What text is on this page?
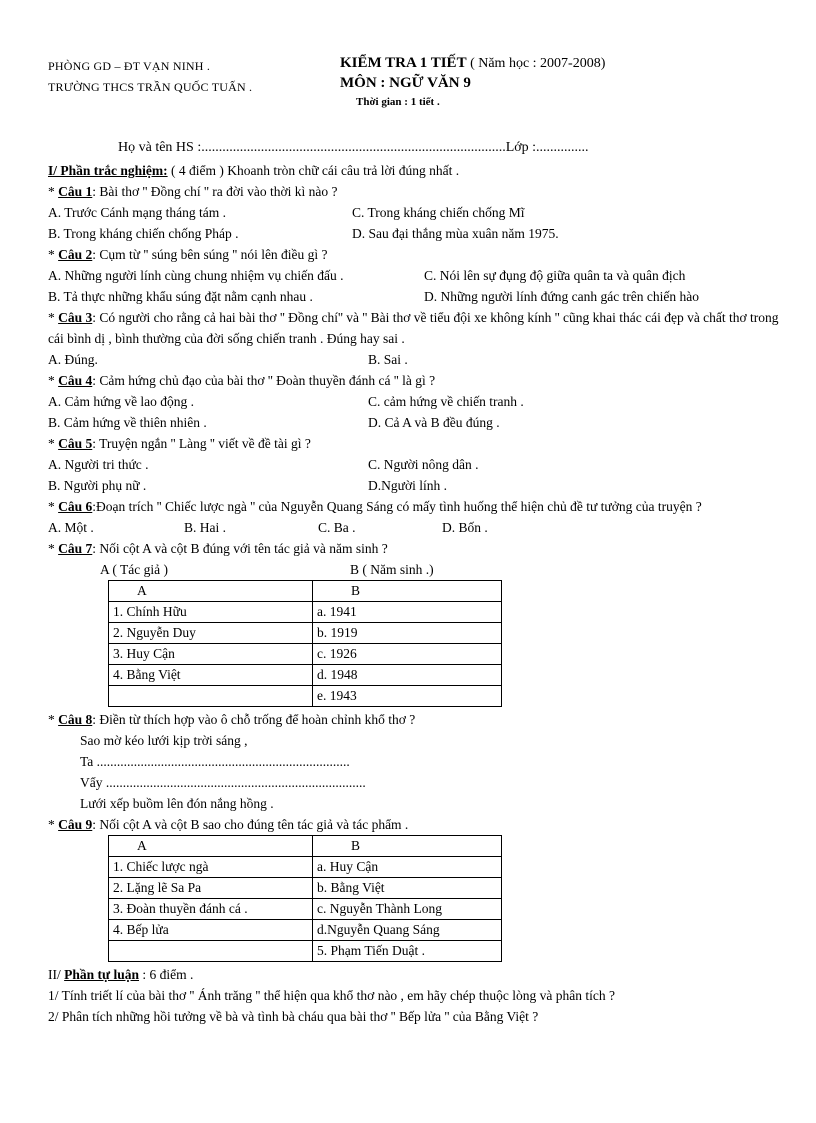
PHÒNG GD – ĐT VẠN NINH .
TRƯỜNG THCS TRẦN QUỐC TUẤN .
KIỂM TRA 1 TIẾT ( Năm học : 2007-2008)
MÔN : NGỮ VĂN 9
Thời gian : 1 tiết .
Họ và tên HS :.......................................................................................Lớp :...............
I/ Phần trắc nghiệm: ( 4 điểm ) Khoanh tròn chữ cái câu trả lời đúng nhất .
* Câu 1: Bài thơ '' Đồng chí '' ra đời vào thời kì nào ?
A. Trước Cánh mạng tháng tám .	C. Trong kháng chiến chống Mĩ
B. Trong kháng chiến chống Pháp .	D. Sau đại thắng mùa xuân năm 1975.
* Câu 2: Cụm từ '' súng bên súng '' nói lên điều gì ?
A. Những người lính cùng chung nhiệm vụ chiến đấu .	C. Nói lên sự đụng độ giữa quân ta và quân địch
B. Tả thực những khẩu súng đặt nằm cạnh nhau .	D. Những người lính đứng canh gác trên chiến hào
* Câu 3: Có người cho rằng cả hai bài thơ '' Đồng chí'' và '' Bài thơ về tiểu đội xe không kính '' cũng khai thác cái đẹp và chất thơ trong cái bình dị , bình thường của đời sống chiến tranh . Đúng hay sai .
A. Đúng.	B. Sai .
* Câu 4: Cảm hứng chủ đạo của bài thơ '' Đoàn thuyền đánh cá '' là gì ?
A. Cảm hứng về lao động .	C. cảm hứng về chiến tranh .
B. Cảm hứng về thiên nhiên .	D. Cả A và B đều đúng .
* Câu 5: Truyện ngắn '' Làng '' viết về đề tài gì ?
A. Người tri thức .	C. Người nông dân .
B. Người phụ nữ .	D.Người lính .
* Câu 6:Đoạn trích '' Chiếc lược ngà '' của Nguyễn Quang Sáng có mấy tình huống thể hiện chủ đề tư tưởng của truyện ?
A. Một .	B. Hai .	C. Ba .	D. Bốn .
* Câu 7: Nối cột A và cột B đúng với tên tác giả và năm sinh ?
A ( Tác giả )	B ( Năm sinh .)
A	B
1. Chính Hữu	a. 1941
2. Nguyễn Duy	b. 1919
3. Huy Cận	c. 1926
4. Bằng Việt	d. 1948
	e. 1943
* Câu 8: Điền từ thích hợp vào ô chỗ trống để hoàn chỉnh khổ thơ ?
Sao mờ kéo lưới kịp trời sáng ,
Ta ...........................................................................
Vẩy .............................................................................
Lưới xếp buồm lên đón nắng hồng .
* Câu 9: Nối cột A và cột B sao cho đúng tên tác giả và tác phẩm .
A	B
1. Chiếc lược ngà	a. Huy Cận
2. Lặng lẽ Sa Pa	b. Bằng Việt
3. Đoàn thuyền đánh cá .	c. Nguyễn Thành Long
4. Bếp lửa	d.Nguyễn Quang Sáng
	5. Phạm Tiến Duật .
II/ Phần tự luận : 6 điểm .
1/ Tính triết lí của bài thơ '' Ánh trăng '' thể hiện qua khổ thơ nào , em hãy chép thuộc lòng và phân tích ?
2/ Phân tích những hồi tưởng về bà và tình bà cháu qua bài thơ '' Bếp lửa '' của Bằng Việt ?
